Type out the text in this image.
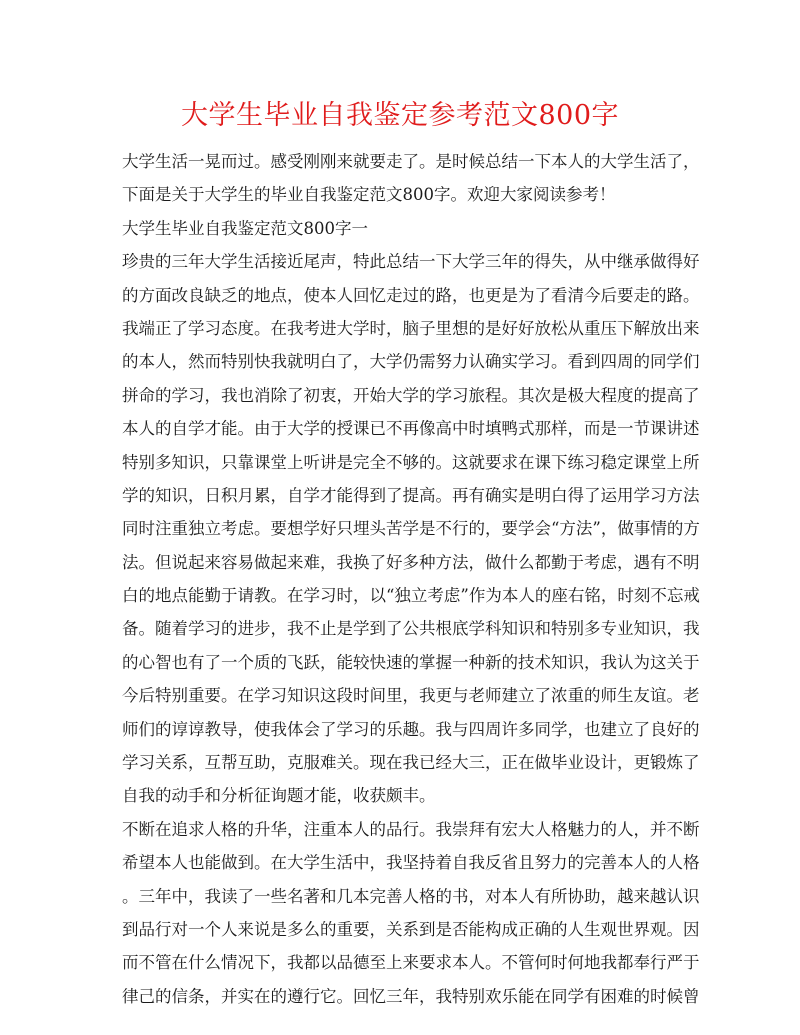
大学生毕业自我鉴定参考范文800字
大学生活一晃而过。感受刚刚来就要走了。是时候总结一下本人的大学生活了，
下面是关于大学生的毕业自我鉴定范文800字。欢迎大家阅读参考！
大学生毕业自我鉴定范文800字一
珍贵的三年大学生活接近尾声，特此总结一下大学三年的得失，从中继承做得好
的方面改良缺乏的地点，使本人回忆走过的路，也更是为了看清今后要走的路。
我端正了学习态度。在我考进大学时，脑子里想的是好好放松从重压下解放出来
的本人，然而特别快我就明白了，大学仍需努力认确实学习。看到四周的同学们
拼命的学习，我也消除了初衷，开始大学的学习旅程。其次是极大程度的提高了
本人的自学才能。由于大学的授课已不再像高中时填鸭式那样，而是一节课讲述
特别多知识，只靠课堂上听讲是完全不够的。这就要求在课下练习稳定课堂上所
学的知识，日积月累，自学才能得到了提高。再有确实是明白得了运用学习方法
同时注重独立考虑。要想学好只埋头苦学是不行的，要学会“方法”，做事情的方
法。但说起来容易做起来难，我换了好多种方法，做什么都勤于考虑，遇有不明
白的地点能勤于请教。在学习时，以“独立考虑”作为本人的座右铭，时刻不忘戒
备。随着学习的进步，我不止是学到了公共根底学科知识和特别多专业知识，我
的心智也有了一个质的飞跃，能较快速的掌握一种新的技术知识，我认为这关于
今后特别重要。在学习知识这段时间里，我更与老师建立了浓重的师生友谊。老
师们的谆谆教导，使我体会了学习的乐趣。我与四周许多同学，也建立了良好的
学习关系，互帮互助，克服难关。现在我已经大三，正在做毕业设计，更锻炼了
自我的动手和分析征询题才能，收获颇丰。
不断在追求人格的升华，注重本人的品行。我崇拜有宏大人格魅力的人，并不断
希望本人也能做到。在大学生活中，我坚持着自我反省且努力的完善本人的人格
。三年中，我读了一些名著和几本完善人格的书，对本人有所协助，越来越认识
到品行对一个人来说是多么的重要，关系到是否能构成正确的人生观世界观。因
而不管在什么情况下，我都以品德至上来要求本人。不管何时何地我都奉行严于
律己的信条，并实在的遵行它。回忆三年，我特别欢乐能在同学有困难的时候曾
